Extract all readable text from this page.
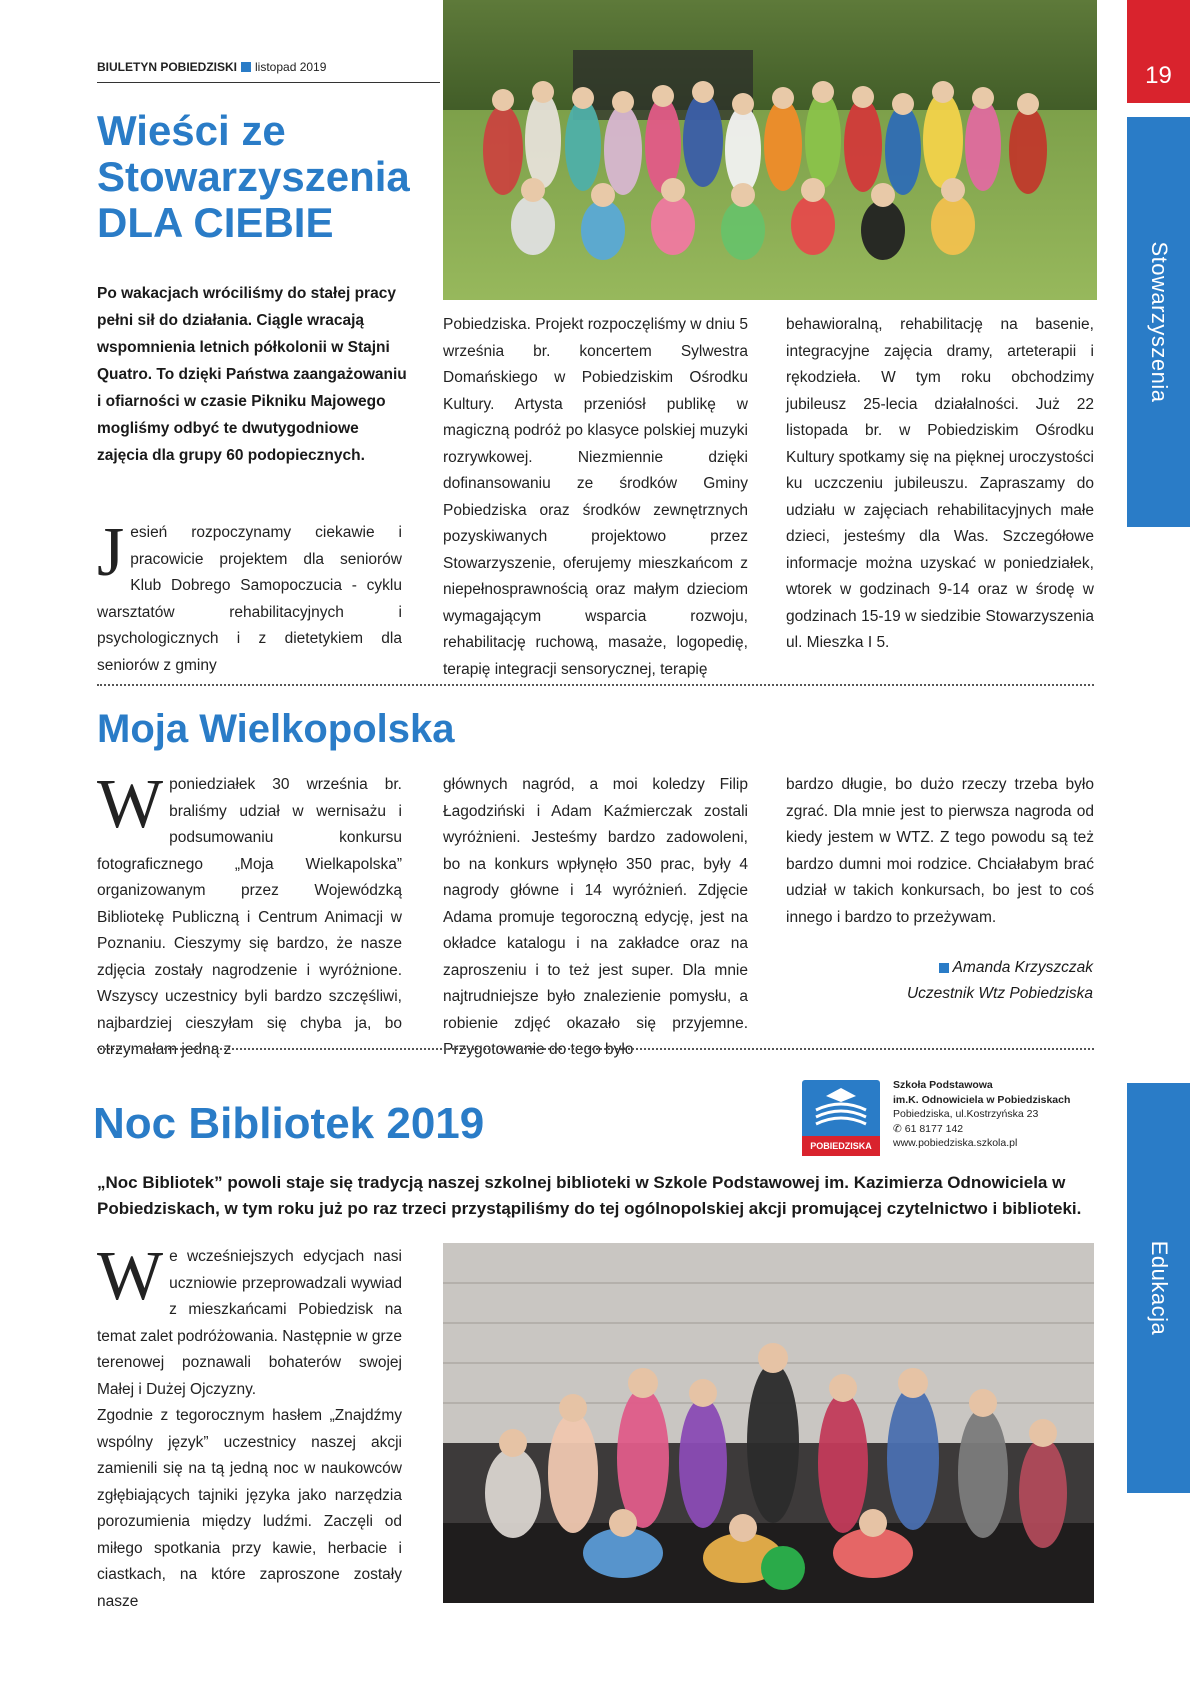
BIULETYN POBIEDZISKI listopad 2019	19
Stowarzyszenia
Edukacja
Wieści ze
Stowarzyszenia
DLA CIEBIE
Po wakacjach wróciliśmy do stałej pracy pełni sił do działania. Ciągle wracają wspomnienia letnich półkolonii w Stajni Quatro. To dzięki Państwa zaangażowaniu i ofiarności w czasie Pikniku Majowego mogliśmy odbyć te dwutygodniowe zajęcia dla grupy 60 podopiecznych.
Jesień rozpoczynamy ciekawie i pracowicie projektem dla seniorów Klub Dobrego Samopoczucia - cyklu warsztatów rehabilitacyjnych i psychologicznych i z dietetykiem dla seniorów z gminy
Pobiedziska. Projekt rozpoczęliśmy w dniu 5 września br. koncertem Sylwestra Domańskiego w Pobiedziskim Ośrodku Kultury. Artysta przeniósł publikę w magiczną podróż po klasyce polskiej muzyki rozrywkowej. Niezmiennie dzięki dofinansowaniu ze środków Gminy Pobiedziska oraz środków zewnętrznych pozyskiwanych projektowo przez Stowarzyszenie, oferujemy mieszkańcom z niepełnosprawnością oraz małym dzieciom wymagającym wsparcia rozwoju, rehabilitację ruchową, masaże, logopedię, terapię integracji sensorycznej, terapię
behawioralną, rehabilitację na basenie, integracyjne zajęcia dramy, arteterapii i rękodzieła. W tym roku obchodzimy jubileusz 25-lecia działalności. Już 22 listopada br. w Pobiedziskim Ośrodku Kultury spotkamy się na pięknej uroczystości ku uczczeniu jubileuszu. Zapraszamy do udziału w zajęciach rehabilitacyjnych małe dzieci, jesteśmy dla Was. Szczegółowe informacje można uzyskać w poniedziałek, wtorek w godzinach 9-14 oraz w środę w godzinach 15-19 w siedzibie Stowarzyszenia ul. Mieszka I 5.
Moja Wielkopolska
Wponiedziałek 30 września br. braliśmy udział w wernisażu i podsumowaniu konkursu fotograficznego „Moja Wielkapolska” organizowanym przez Wojewódzką Bibliotekę Publiczną i Centrum Animacji w Poznaniu. Cieszymy się bardzo, że nasze zdjęcia zostały nagrodzenie i wyróżnione. Wszyscy uczestnicy byli bardzo szczęśliwi, najbardziej cieszyłam się chyba ja, bo otrzymałam jedną z
głównych nagród, a moi koledzy Filip Łagodziński i Adam Kaźmierczak zostali wyróżnieni. Jesteśmy bardzo zadowoleni, bo na konkurs wpłynęło 350 prac, były 4 nagrody główne i 14 wyróżnień. Zdjęcie Adama promuje tegoroczną edycję, jest na okładce katalogu i na zakładce oraz na zaproszeniu i to też jest super. Dla mnie najtrudniejsze było znalezienie pomysłu, a robienie zdjęć okazało się przyjemne. Przygotowanie do tego było
bardzo długie, bo dużo rzeczy trzeba było zgrać. Dla mnie jest to pierwsza nagroda od kiedy jestem w WTZ. Z tego powodu są też bardzo dumni moi rodzice. Chciałabym brać udział w takich konkursach, bo jest to coś innego i bardzo to przeżywam.
Amanda Krzyszczak
Uczestnik Wtz Pobiedziska
Noc Bibliotek 2019	POBIEDZISKA
Szkoła Podstawowa
im.K. Odnowiciela w Pobiedziskach
Pobiedziska, ul.Kostrzyńska 23
✆ 61 8177 142
www.pobiedziska.szkola.pl
„Noc Bibliotek” powoli staje się tradycją naszej szkolnej biblioteki w Szkole Podstawowej im. Kazimierza Odnowiciela w Pobiedziskach, w tym roku już po raz trzeci przystąpiliśmy do tej ogólnopolskiej akcji promującej czytelnictwo i biblioteki.
We wcześniejszych edycjach nasi uczniowie przeprowadzali wywiad z mieszkańcami Pobiedzisk na temat zalet podróżowania. Następnie w grze terenowej poznawali bohaterów swojej Małej i Dużej Ojczyzny.
Zgodnie z tegorocznym hasłem „Znajdźmy wspólny język” uczestnicy naszej akcji zamienili się na tą jedną noc w naukowców zgłębiających tajniki języka jako narzędzia porozumienia między ludźmi. Zaczęli od miłego spotkania przy kawie, herbacie i ciastkach, na które zaproszone zostały nasze
